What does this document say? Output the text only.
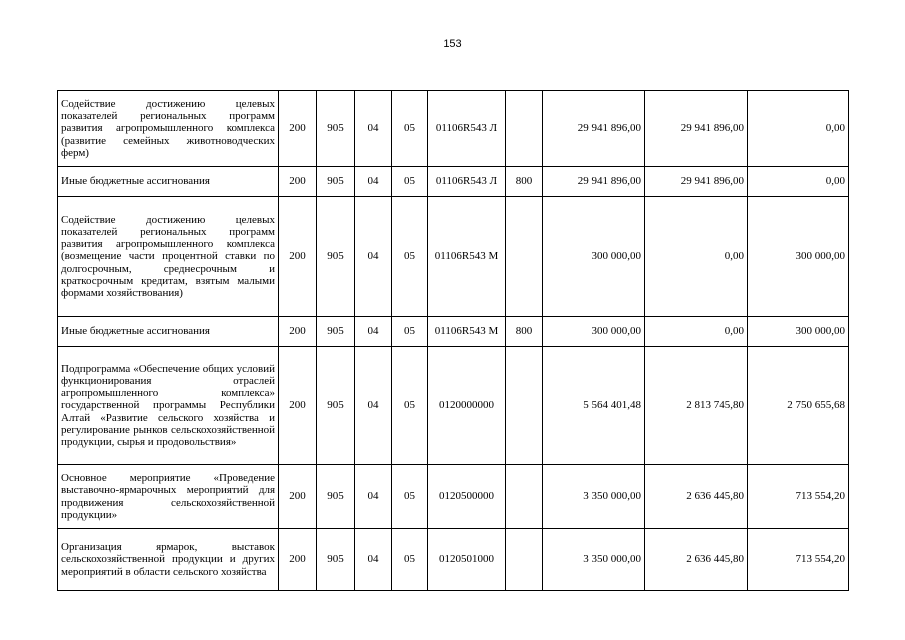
153
Содействие достижению целевых показателей региональных программ развития агропромышленного комплекса (развитие семейных животноводческих ферм)	200	905	04	05	01106R543 Л		29 941 896,00	29 941 896,00	0,00
Иные бюджетные ассигнования	200	905	04	05	01106R543 Л	800	29 941 896,00	29 941 896,00	0,00
Содействие достижению целевых показателей региональных программ развития агропромышленного комплекса (возмещение части процентной ставки по долгосрочным, среднесрочным и краткосрочным кредитам, взятым малыми формами хозяйствования)	200	905	04	05	01106R543 М		300 000,00	0,00	300 000,00
Иные бюджетные ассигнования	200	905	04	05	01106R543 М	800	300 000,00	0,00	300 000,00
Подпрограмма «Обеспечение общих условий функционирования отраслей агропромышленного комплекса» государственной программы Республики Алтай «Развитие сельского хозяйства и регулирование рынков сельскохозяйственной продукции, сырья и продовольствия»	200	905	04	05	0120000000		5 564 401,48	2 813 745,80	2 750 655,68
Основное мероприятие «Проведение выставочно-ярмарочных мероприятий для продвижения сельскохозяйственной продукции»	200	905	04	05	0120500000		3 350 000,00	2 636 445,80	713 554,20
Организация ярмарок, выставок сельскохозяйственной продукции и других мероприятий в области сельского хозяйства	200	905	04	05	0120501000		3 350 000,00	2 636 445,80	713 554,20
